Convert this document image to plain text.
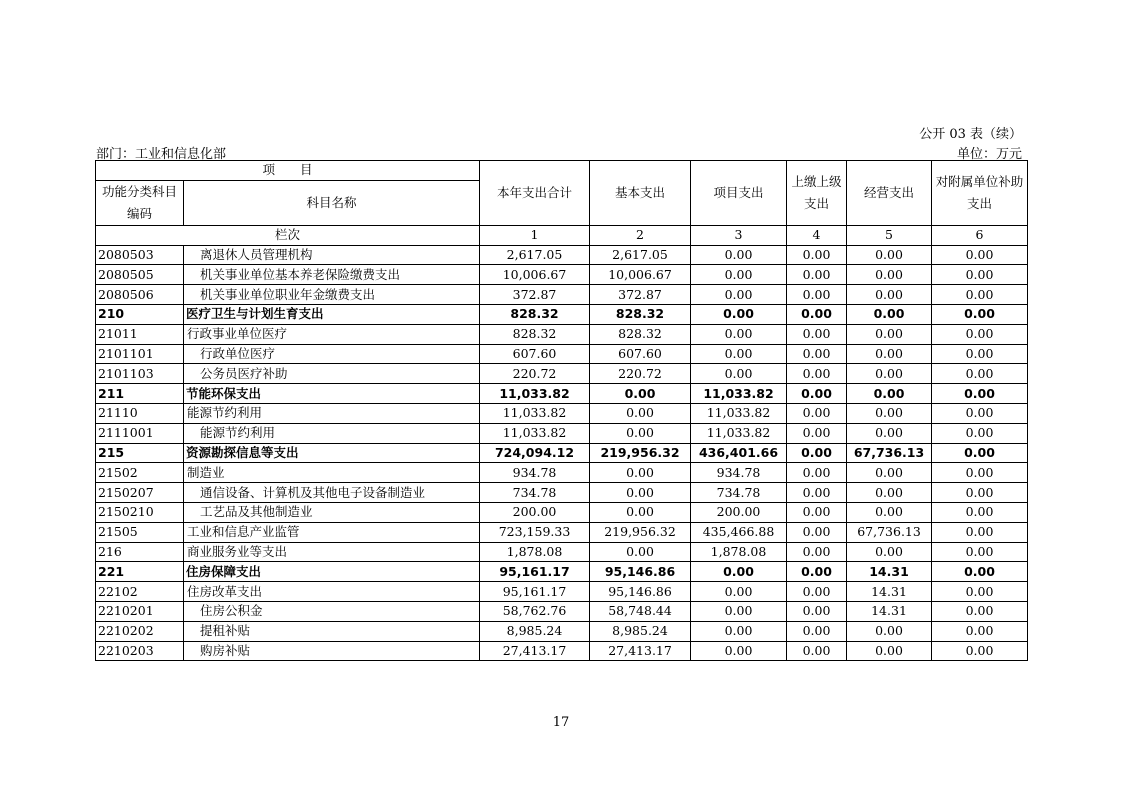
公开 03 表（续）
部门：工业和信息化部	单位：万元
项　　目		本年支出合计	基本支出	项目支出	上缴上级支出	经营支出	对附属单位补助支出
功能分类科目编码	科目名称						
栏次		1	2	3	4	5	6
2080503	离退休人员管理机构	2,617.05	2,617.05	0.00	0.00	0.00	0.00
2080505	机关事业单位基本养老保险缴费支出	10,006.67	10,006.67	0.00	0.00	0.00	0.00
2080506	机关事业单位职业年金缴费支出	372.87	372.87	0.00	0.00	0.00	0.00
210	医疗卫生与计划生育支出	828.32	828.32	0.00	0.00	0.00	0.00
21011	行政事业单位医疗	828.32	828.32	0.00	0.00	0.00	0.00
2101101	行政单位医疗	607.60	607.60	0.00	0.00	0.00	0.00
2101103	公务员医疗补助	220.72	220.72	0.00	0.00	0.00	0.00
211	节能环保支出	11,033.82	0.00	11,033.82	0.00	0.00	0.00
21110	能源节约利用	11,033.82	0.00	11,033.82	0.00	0.00	0.00
2111001	能源节约利用	11,033.82	0.00	11,033.82	0.00	0.00	0.00
215	资源勘探信息等支出	724,094.12	219,956.32	436,401.66	0.00	67,736.13	0.00
21502	制造业	934.78	0.00	934.78	0.00	0.00	0.00
2150207	通信设备、计算机及其他电子设备制造业	734.78	0.00	734.78	0.00	0.00	0.00
2150210	工艺品及其他制造业	200.00	0.00	200.00	0.00	0.00	0.00
21505	工业和信息产业监管	723,159.33	219,956.32	435,466.88	0.00	67,736.13	0.00
216	商业服务业等支出	1,878.08	0.00	1,878.08	0.00	0.00	0.00
221	住房保障支出	95,161.17	95,146.86	0.00	0.00	14.31	0.00
22102	住房改革支出	95,161.17	95,146.86	0.00	0.00	14.31	0.00
2210201	住房公积金	58,762.76	58,748.44	0.00	0.00	14.31	0.00
2210202	提租补贴	8,985.24	8,985.24	0.00	0.00	0.00	0.00
2210203	购房补贴	27,413.17	27,413.17	0.00	0.00	0.00	0.00
17
